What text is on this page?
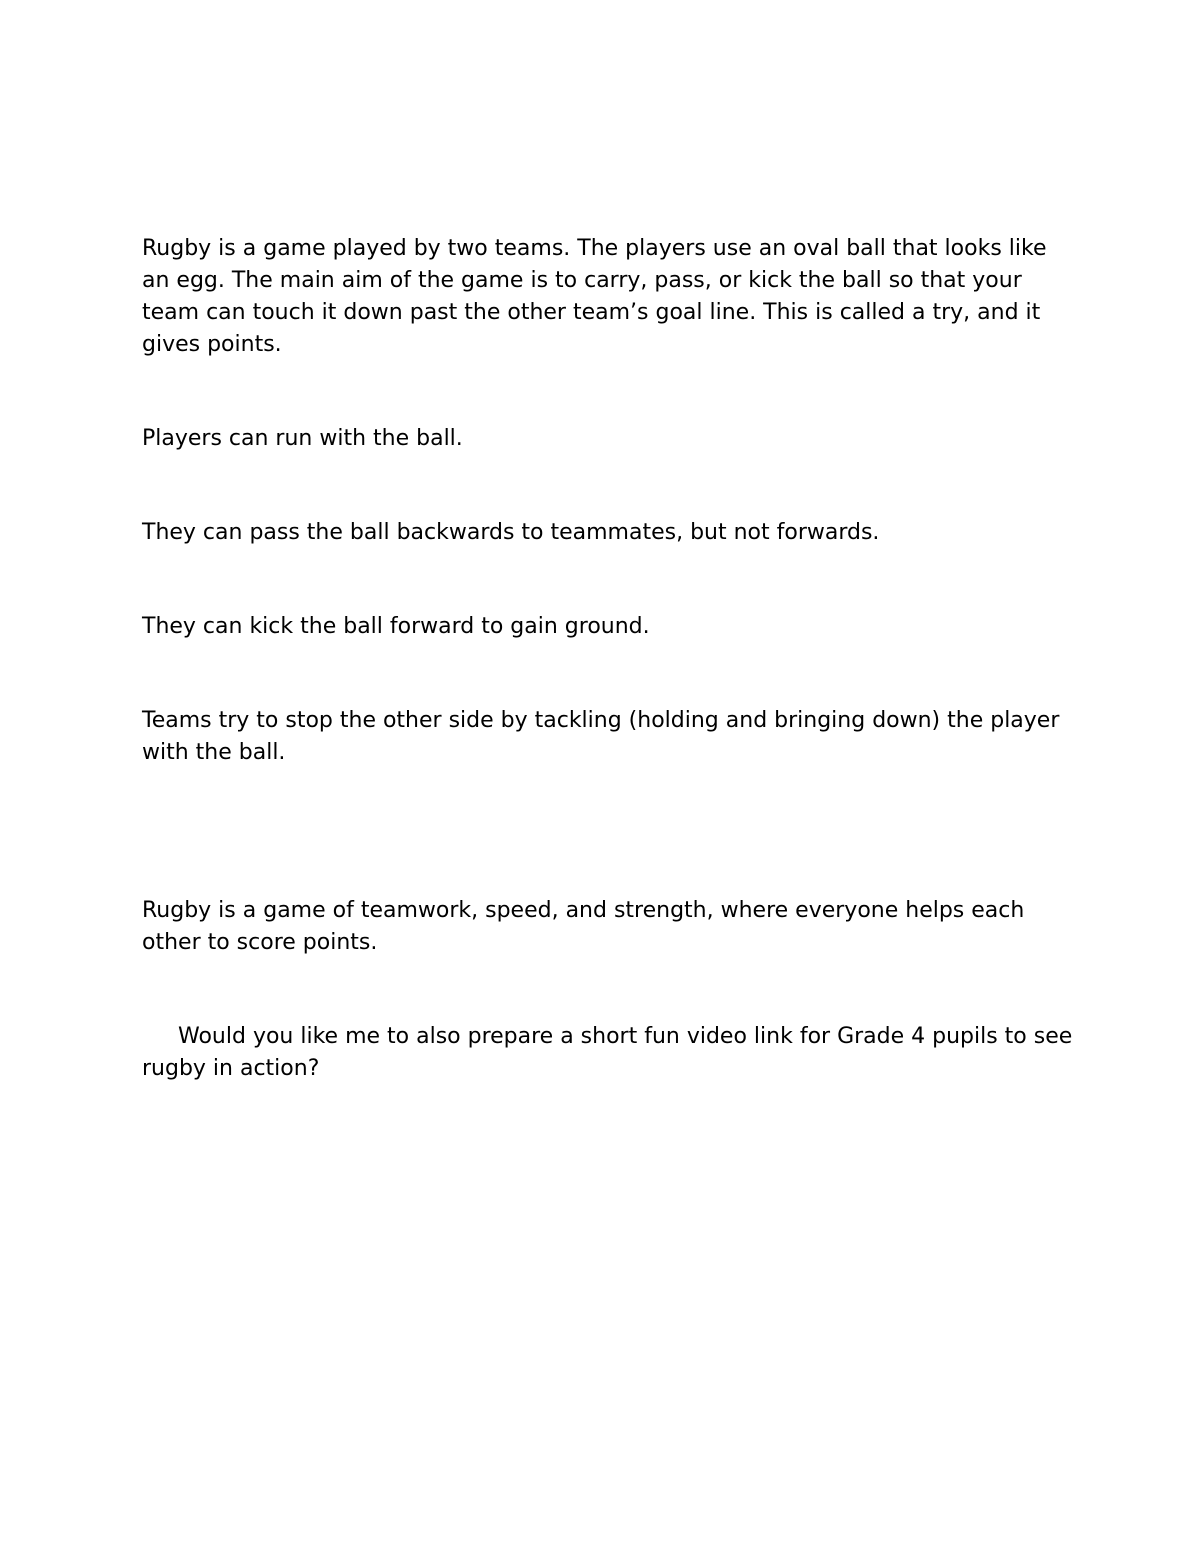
Rugby is a game played by two teams. The players use an oval ball that looks like an egg. The main aim of the game is to carry, pass, or kick the ball so that your team can touch it down past the other team’s goal line. This is called a try, and it gives points.

Players can run with the ball.

They can pass the ball backwards to teammates, but not forwards.

They can kick the ball forward to gain ground.

Teams try to stop the other side by tackling (holding and bringing down) the player with the ball.

Rugby is a game of teamwork, speed, and strength, where everyone helps each other to score points.

Would you like me to also prepare a short fun video link for Grade 4 pupils to see rugby in action?
